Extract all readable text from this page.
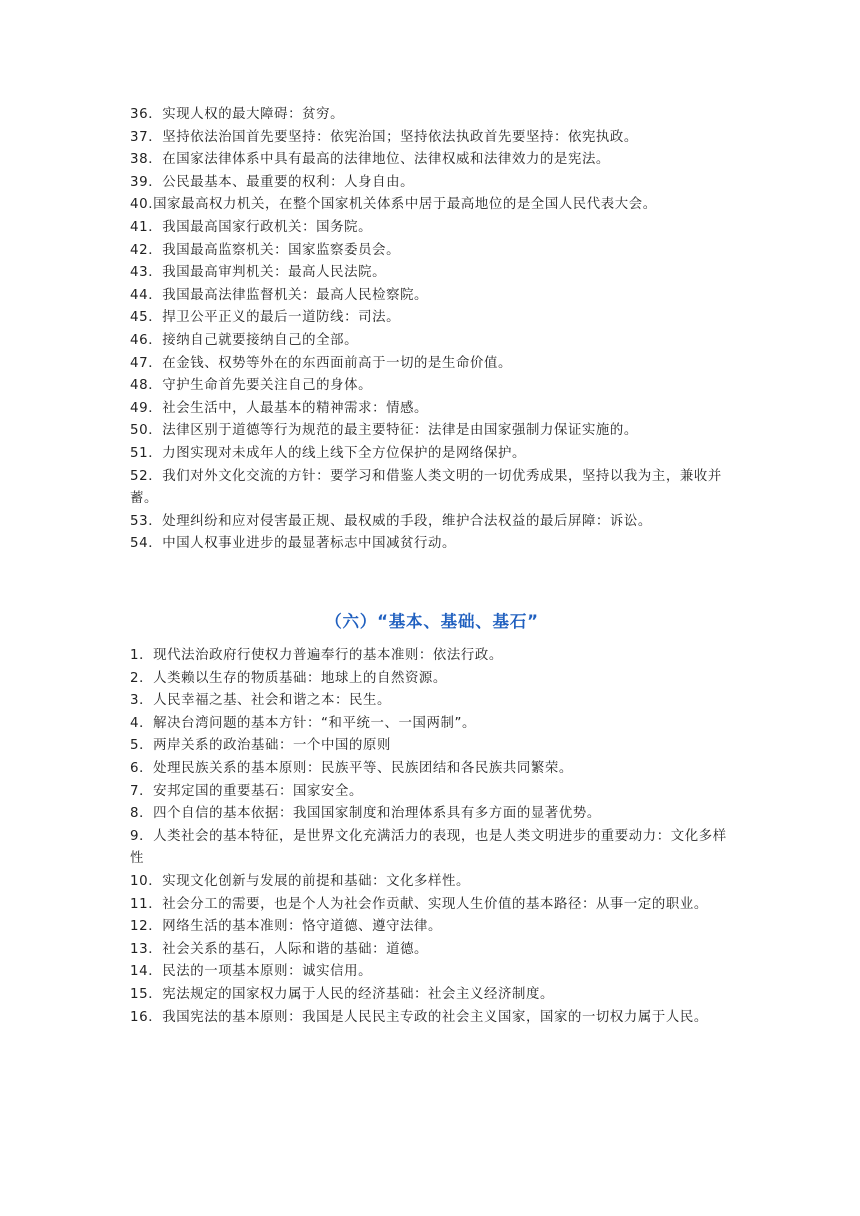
36．实现人权的最大障碍：贫穷。
37．坚持依法治国首先要坚持：依宪治国；坚持依法执政首先要坚持：依宪执政。
38．在国家法律体系中具有最高的法律地位、法律权威和法律效力的是宪法。
39．公民最基本、最重要的权利：人身自由。
40.国家最高权力机关，在整个国家机关体系中居于最高地位的是全国人民代表大会。
41．我国最高国家行政机关：国务院。
42．我国最高监察机关：国家监察委员会。
43．我国最高审判机关：最高人民法院。
44．我国最高法律监督机关：最高人民检察院。
45．捍卫公平正义的最后一道防线：司法。
46．接纳自己就要接纳自己的全部。
47．在金钱、权势等外在的东西面前高于一切的是生命价值。
48．守护生命首先要关注自己的身体。
49．社会生活中，人最基本的精神需求：情感。
50．法律区别于道德等行为规范的最主要特征：法律是由国家强制力保证实施的。
51．力图实现对未成年人的线上线下全方位保护的是网络保护。
52．我们对外文化交流的方针：要学习和借鉴人类文明的一切优秀成果，坚持以我为主，兼收并蓄。
53．处理纠纷和应对侵害最正规、最权威的手段，维护合法权益的最后屏障：诉讼。
54．中国人权事业进步的最显著标志中国减贫行动。
（六）“基本、基础、基石”
1．现代法治政府行使权力普遍奉行的基本准则：依法行政。
2．人类赖以生存的物质基础：地球上的自然资源。
3．人民幸福之基、社会和谐之本：民生。
4．解决台湾问题的基本方针：“和平统一、一国两制”。
5．两岸关系的政治基础：一个中国的原则
6．处理民族关系的基本原则：民族平等、民族团结和各民族共同繁荣。
7．安邦定国的重要基石：国家安全。
8．四个自信的基本依据：我国国家制度和治理体系具有多方面的显著优势。
9．人类社会的基本特征，是世界文化充满活力的表现，也是人类文明进步的重要动力：文化多样性
10．实现文化创新与发展的前提和基础：文化多样性。
11．社会分工的需要，也是个人为社会作贡献、实现人生价值的基本路径：从事一定的职业。
12．网络生活的基本准则：恪守道德、遵守法律。
13．社会关系的基石，人际和谐的基础：道德。
14．民法的一项基本原则：诚实信用。
15．宪法规定的国家权力属于人民的经济基础：社会主义经济制度。
16．我国宪法的基本原则：我国是人民民主专政的社会主义国家，国家的一切权力属于人民。
